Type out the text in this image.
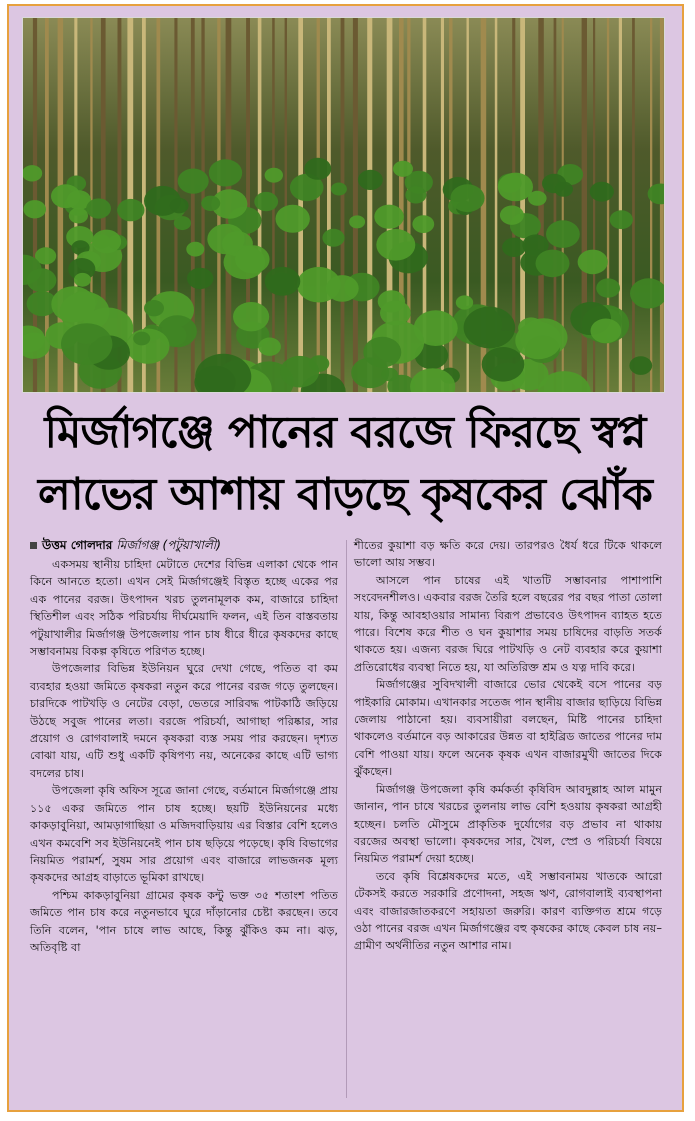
মির্জাগঞ্জে পানের বরজে ফিরছে স্বপ্ন
লাভের আশায় বাড়ছে কৃষকের ঝোঁক
উত্তম গোলদার মির্জাগঞ্জ (পটুয়াখালী)

একসময় স্থানীয় চাহিদা মেটাতে দেশের বিভিন্ন এলাকা থেকে পান কিনে আনতে হতো। এখন সেই মির্জাগঞ্জেই বিস্তৃত হচ্ছে একের পর এক পানের বরজ। উৎপাদন খরচ তুলনামূলক কম, বাজারে চাহিদা স্থিতিশীল এবং সঠিক পরিচর্যায় দীর্ঘমেয়াদি ফলন, এই তিন বাস্তবতায় পটুয়াখালীর মির্জাগঞ্জ উপজেলায় পান চাষ ধীরে ধীরে কৃষকদের কাছে সম্ভাবনাময় বিকল্প কৃষিতে পরিণত হচ্ছে।

উপজেলার বিভিন্ন ইউনিয়ন ঘুরে দেখা গেছে, পতিত বা কম ব্যবহার হওয়া জমিতে কৃষকরা নতুন করে পানের বরজ গড়ে তুলছেন। চারদিকে পাটখড়ি ও নেটের বেড়া, ভেতরে সারিবদ্ধ পাটকাঠি জড়িয়ে উঠছে সবুজ পানের লতা। বরজে পরিচর্যা, আগাছা পরিষ্কার, সার প্রয়োগ ও রোগবালাই দমনে কৃষকরা ব্যস্ত সময় পার করছেন। দৃশ্যত বোঝা যায়, এটি শুধু একটি কৃষিপণ্য নয়, অনেকের কাছে এটি ভাগ্য বদলের চাষ।

উপজেলা কৃষি অফিস সূত্রে জানা গেছে, বর্তমানে মির্জাগঞ্জে প্রায় ১১৫ একর জমিতে পান চাষ হচ্ছে। ছয়টি ইউনিয়নের মধ্যে কাকড়াবুনিয়া, আমড়াগাছিয়া ও মজিদবাড়িয়ায় এর বিস্তার বেশি হলেও এখন কমবেশি সব ইউনিয়নেই পান চাষ ছড়িয়ে পড়েছে। কৃষি বিভাগের নিয়মিত পরামর্শ, সুষম সার প্রয়োগ এবং বাজারে লাভজনক মূল্য কৃষকদের আগ্রহ বাড়াতে ভূমিকা রাখছে।

পশ্চিম কাকড়াবুনিয়া গ্রামের কৃষক কন্টু ভক্ত ৩৫ শতাংশ পতিত জমিতে পান চাষ করে নতুনভাবে ঘুরে দাঁড়ানোর চেষ্টা করছেন। তবে তিনি বলেন, 'পান চাষে লাভ আছে, কিন্তু ঝুঁকিও কম না। ঝড়, অতিবৃষ্টি বা

শীতের কুয়াশা বড় ক্ষতি করে দেয়। তারপরও ধৈর্য ধরে টিকে থাকলে ভালো আয় সম্ভব।

আসলে পান চাষের এই খাতটি সম্ভাবনার পাশাপাশি সংবেদনশীলও। একবার বরজ তৈরি হলে বছরের পর বছর পাতা তোলা যায়, কিন্তু আবহাওয়ার সামান্য বিরূপ প্রভাবেও উৎপাদন ব্যাহত হতে পারে। বিশেষ করে শীত ও ঘন কুয়াশার সময় চাষিদের বাড়তি সতর্ক থাকতে হয়। এজন্য বরজ ঘিরে পাটখড়ি ও নেট ব্যবহার করে কুয়াশা প্রতিরোধের ব্যবস্থা নিতে হয়, যা অতিরিক্ত শ্রম ও যত্ন দাবি করে।

মির্জাগঞ্জের সুবিদখালী বাজারে ভোর থেকেই বসে পানের বড় পাইকারি মোকাম। এখানকার সতেজ পান স্থানীয় বাজার ছাড়িয়ে বিভিন্ন জেলায় পাঠানো হয়। ব্যবসায়ীরা বলছেন, মিষ্টি পানের চাহিদা থাকলেও বর্তমানে বড় আকারের উন্নত বা হাইব্রিড জাতের পানের দাম বেশি পাওয়া যায়। ফলে অনেক কৃষক এখন বাজারমুখী জাতের দিকে ঝুঁকছেন।

মির্জাগঞ্জ উপজেলা কৃষি কর্মকর্তা কৃষিবিদ আবদুল্লাহ আল মামুন জানান, পান চাষে খরচের তুলনায় লাভ বেশি হওয়ায় কৃষকরা আগ্রহী হচ্ছেন। চলতি মৌসুমে প্রাকৃতিক দুর্যোগের বড় প্রভাব না থাকায় বরজের অবস্থা ভালো। কৃষকদের সার, খৈল, স্প্রে ও পরিচর্যা বিষয়ে নিয়মিত পরামর্শ দেয়া হচ্ছে।

তবে কৃষি বিশ্লেষকদের মতে, এই সম্ভাবনাময় খাতকে আরো টেকসই করতে সরকারি প্রণোদনা, সহজ ঋণ, রোগবালাই ব্যবস্থাপনা এবং বাজারজাতকরণে সহায়তা জরুরি। কারণ ব্যক্তিগত শ্রমে গড়ে ওঠা পানের বরজ এখন মির্জাগঞ্জের বহু কৃষকের কাছে কেবল চাষ নয়– গ্রামীণ অর্থনীতির নতুন আশার নাম।
